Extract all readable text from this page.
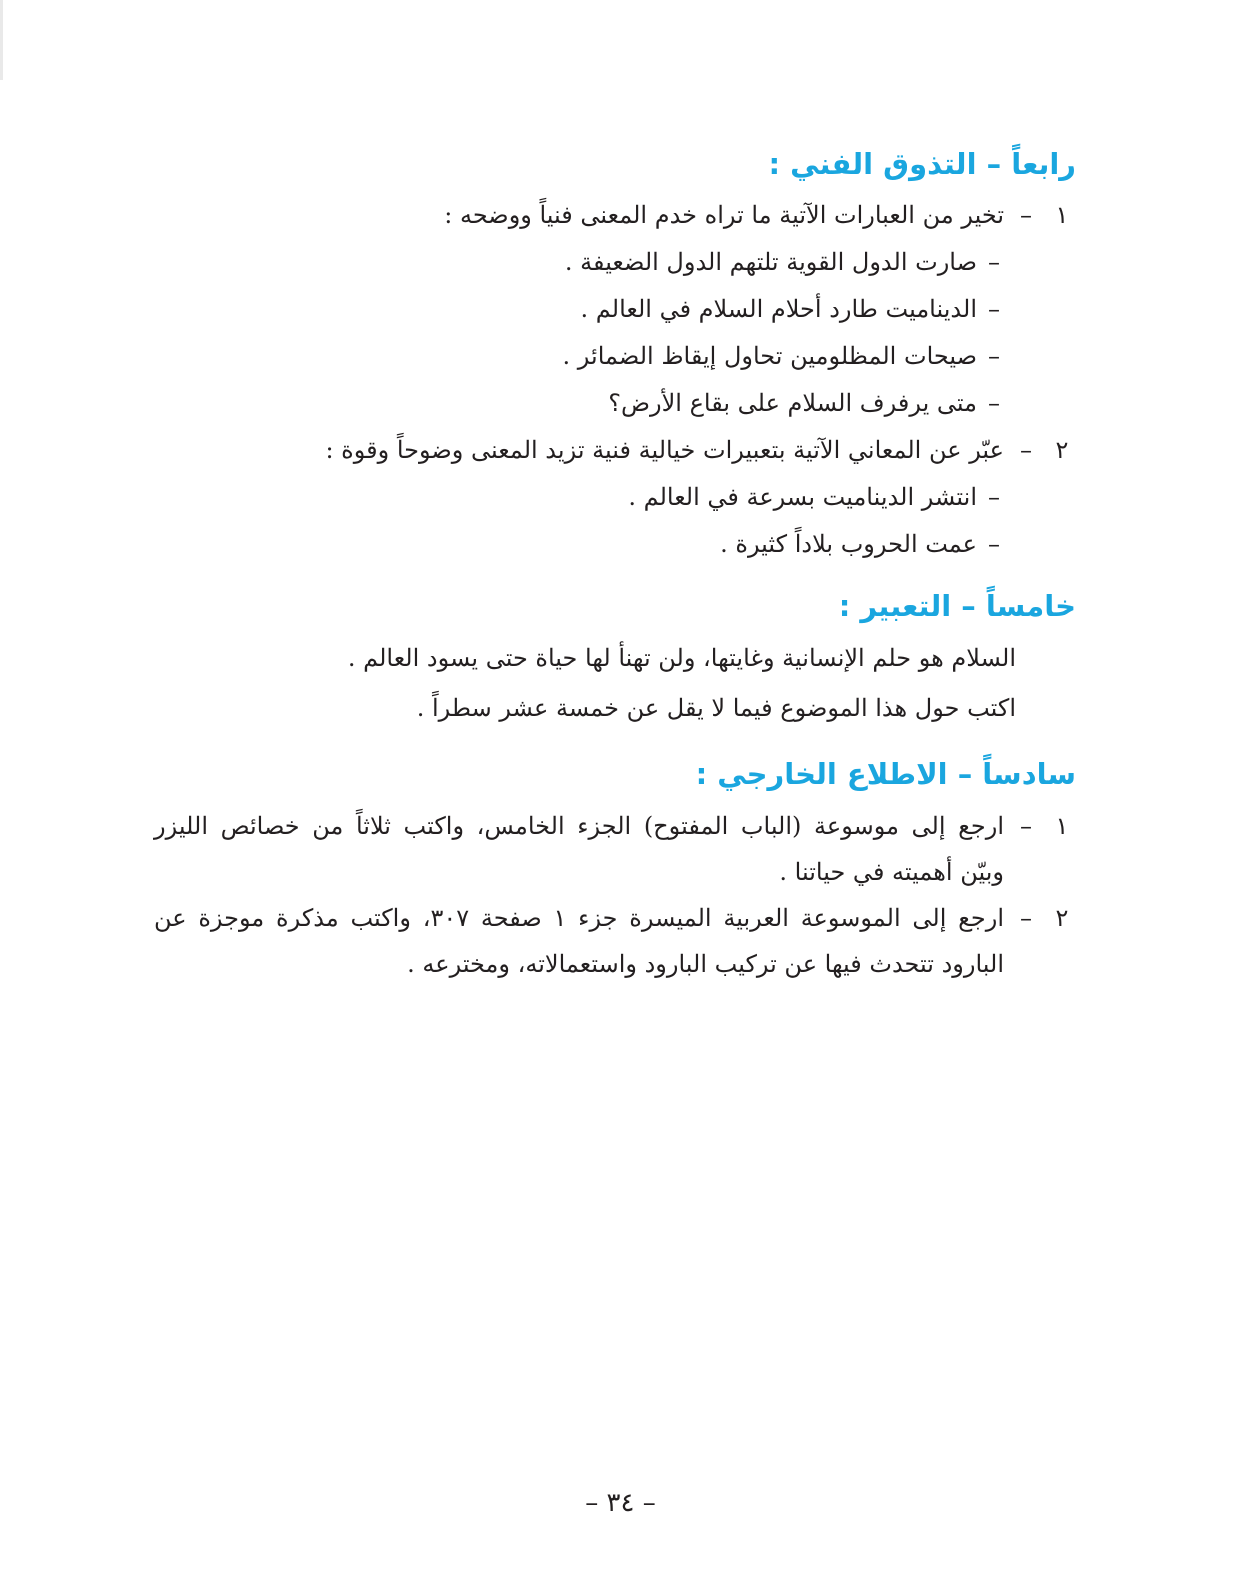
رابعاً – التذوق الفني :
١–تخير من العبارات الآتية ما تراه خدم المعنى فنياً ووضحه :
–صارت الدول القوية تلتهم الدول الضعيفة .
–الديناميت طارد أحلام السلام في العالم .
–صيحات المظلومين تحاول إيقاظ الضمائر .
–متى يرفرف السلام على بقاع الأرض؟
٢–عبّر عن المعاني الآتية بتعبيرات خيالية فنية تزيد المعنى وضوحاً وقوة :
–انتشر الديناميت بسرعة في العالم .
–عمت الحروب بلاداً كثيرة .
خامساً – التعبير :
السلام هو حلم الإنسانية وغايتها، ولن تهنأ لها حياة حتى يسود العالم .
اكتب حول هذا الموضوع فيما لا يقل عن خمسة عشر سطراً .
سادساً – الاطلاع الخارجي :
١–ارجع إلى موسوعة (الباب المفتوح) الجزء الخامس، واكتب ثلاثاً من خصائص الليزر
وبيّن أهميته في حياتنا .
٢–ارجع إلى الموسوعة العربية الميسرة جزء ١ صفحة ٣٠٧، واكتب مذكرة موجزة عن
البارود تتحدث فيها عن تركيب البارود واستعمالاته، ومخترعه .
– ٣٤ –
